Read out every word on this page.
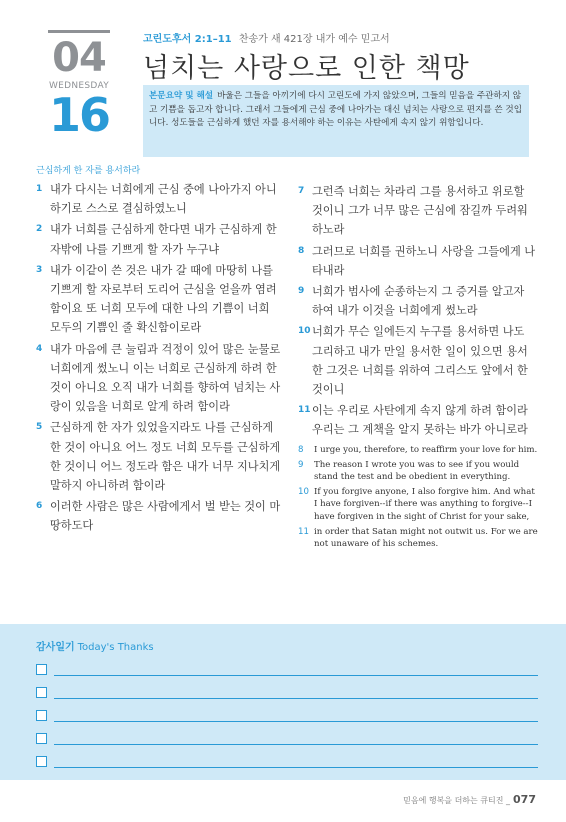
04
WEDNESDAY
16
고린도후서 2:1–11 찬송가 새 421장 내가 예수 믿고서
넘치는 사랑으로 인한 책망
본문요약 및 해설 바울은 그들을 아끼기에 다시 고린도에 가지 않았으며, 그들의 믿음을 주관하지 않고 기쁨을 돕고자 합니다. 그래서 그들에게 근심 중에 나아가는 대신 넘치는 사랑으로 편지를 쓴 것입니다. 성도들을 근심하게 했던 자를 용서해야 하는 이유는 사탄에게 속지 않기 위함입니다.
근심하게 한 자를 용서하라
1 내가 다시는 너희에게 근심 중에 나아가지 아니하기로 스스로 결심하였노니
2 내가 너희를 근심하게 한다면 내가 근심하게 한 자밖에 나를 기쁘게 할 자가 누구냐
3 내가 이같이 쓴 것은 내가 갈 때에 마땅히 나를 기쁘게 할 자로부터 도리어 근심을 얻을까 염려함이요 또 너희 모두에 대한 나의 기쁨이 너희 모두의 기쁨인 줄 확신함이로라
4 내가 마음에 큰 눌림과 걱정이 있어 많은 눈물로 너희에게 썼노니 이는 너희로 근심하게 하려 한 것이 아니요 오직 내가 너희를 향하여 넘치는 사랑이 있음을 너희로 알게 하려 함이라
5 근심하게 한 자가 있었을지라도 나를 근심하게 한 것이 아니요 어느 정도 너희 모두를 근심하게 한 것이니 어느 정도라 함은 내가 너무 지나치게 말하지 아니하려 함이라
6 이러한 사람은 많은 사람에게서 벌 받는 것이 마땅하도다
7 그런즉 너희는 차라리 그를 용서하고 위로할 것이니 그가 너무 많은 근심에 잠길까 두려워하노라
8 그러므로 너희를 권하노니 사랑을 그들에게 나타내라
9 너희가 범사에 순종하는지 그 증거를 알고자 하여 내가 이것을 너희에게 썼노라
10 너희가 무슨 일에든지 누구를 용서하면 나도 그리하고 내가 만일 용서한 일이 있으면 용서한 그것은 너희를 위하여 그리스도 앞에서 한 것이니
11 이는 우리로 사탄에게 속지 않게 하려 함이라 우리는 그 계책을 알지 못하는 바가 아니로라
8 I urge you, therefore, to reaffirm your love for him.
9 The reason I wrote you was to see if you would stand the test and be obedient in everything.
10 If you forgive anyone, I also forgive him. And what I have forgiven--if there was anything to forgive--I have forgiven in the sight of Christ for your sake,
11 in order that Satan might not outwit us. For we are not unaware of his schemes.
감사일기 Today's Thanks
믿음에 행복을 더하는 큐티진 _ 077
